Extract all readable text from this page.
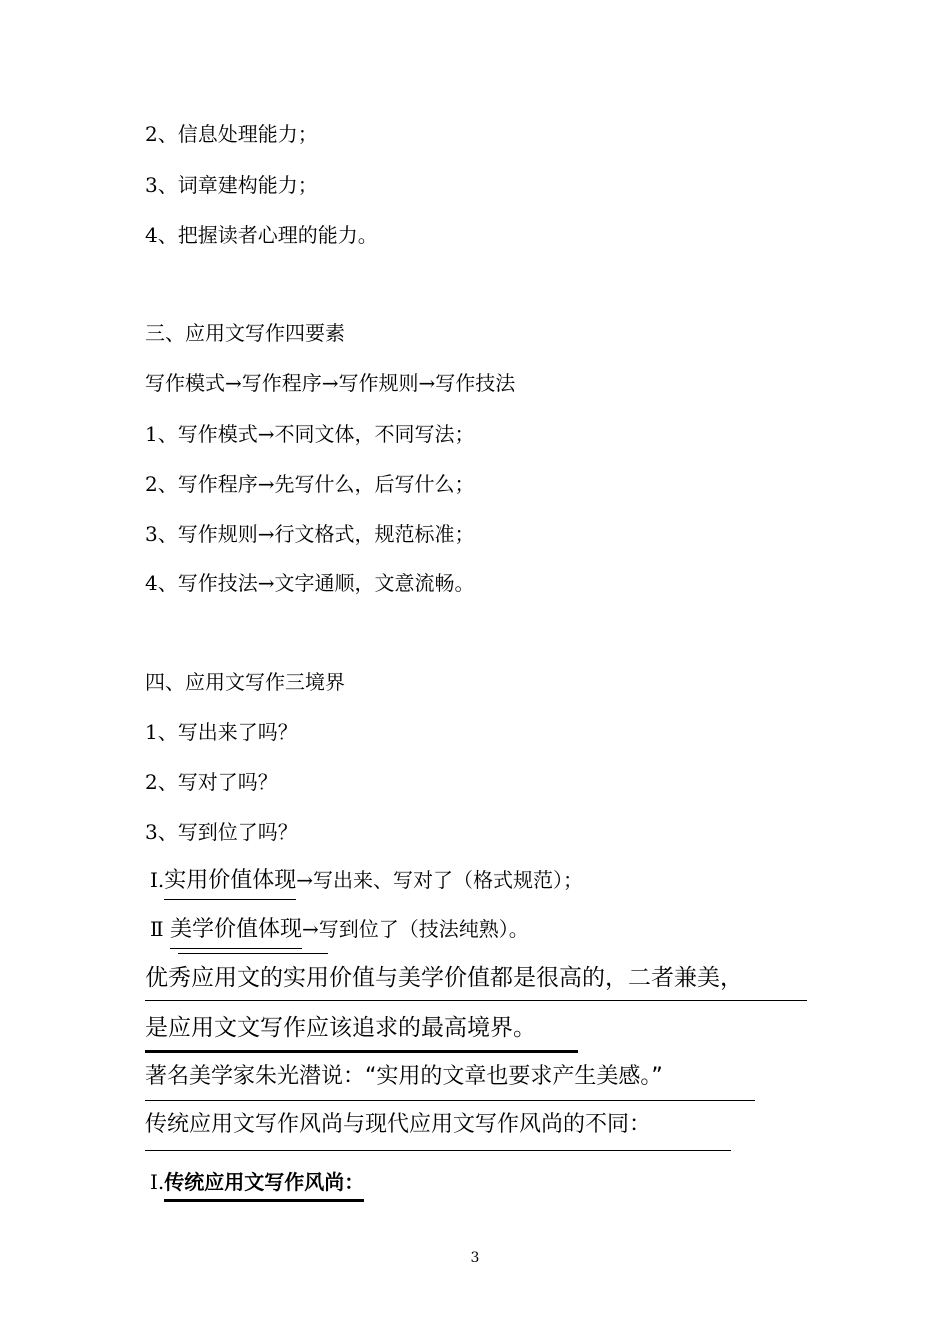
2、信息处理能力；
3、词章建构能力；
4、把握读者心理的能力。
三、应用文写作四要素
写作模式→写作程序→写作规则→写作技法
1、写作模式→不同文体，不同写法；
2、写作程序→先写什么，后写什么；
3、写作规则→行文格式，规范标准；
4、写作技法→文字通顺，文意流畅。
四、应用文写作三境界
1、写出来了吗？
2、写对了吗？
3、写到位了吗？
Ⅰ.实用价值体现→写出来、写对了（格式规范）；
Ⅱ 美学价值体现→写到位了（技法纯熟）。
优秀应用文的实用价值与美学价值都是很高的，二者兼美，
是应用文文写作应该追求的最高境界。
著名美学家朱光潜说：“实用的文章也要求产生美感。”
传统应用文写作风尚与现代应用文写作风尚的不同：
Ⅰ.传统应用文写作风尚：
3
